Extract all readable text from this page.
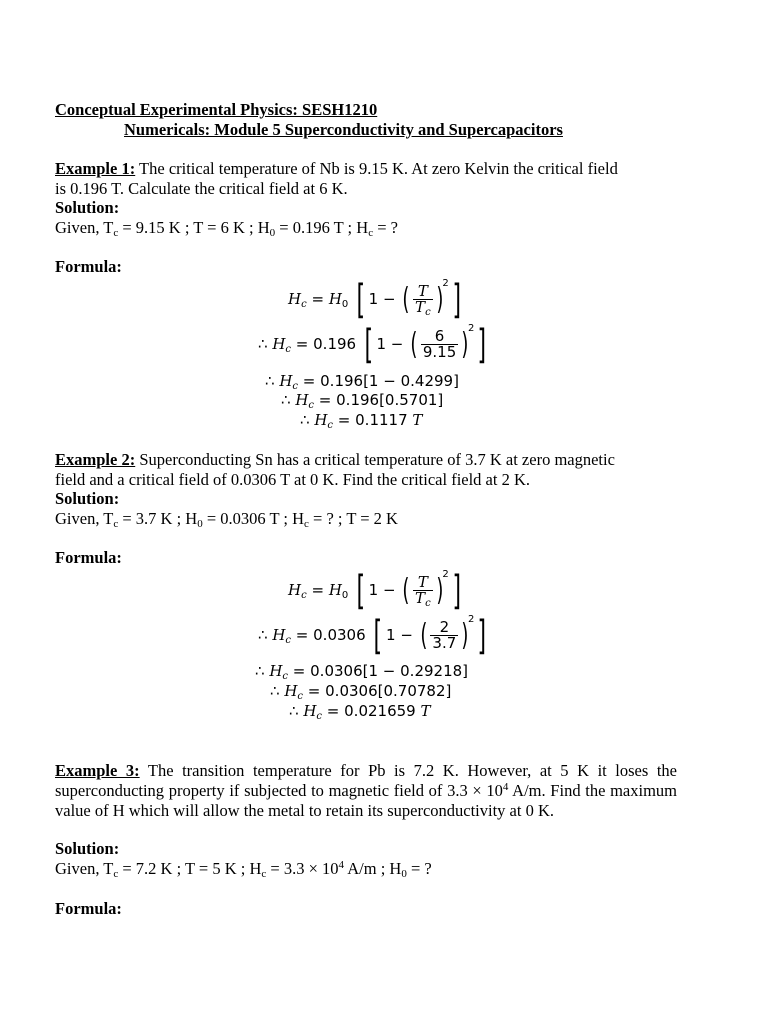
Conceptual Experimental Physics: SESH1210
Numericals: Module 5 Superconductivity and Supercapacitors
Example 1: The critical temperature of Nb is 9.15 K. At zero Kelvin the critical field
is 0.196 T. Calculate the critical field at 6 K.
Solution:
Given, $T_c = 9.15$ K ; T = 6 K ; $H_0 = 0.196$ T ; $H_c$ = ?
Formula:
$H_c = H_0$ [ 1 − ( $\frac{T}{T_c} )^2$]
∴ $H_c = 0.196$ [ 1 − ( $\frac{6}{9.15} )^2$]
∴ $H_c = 0.196[1 - 0.4299]$
∴ $H_c = 0.196[0.5701]$
∴ $H_c = 0.1117$ T
Example 2: Superconducting Sn has a critical temperature of 3.7 K at zero magnetic
field and a critical field of 0.0306 T at 0 K. Find the critical field at 2 K.
Solution:
Given, $T_c = 3.7$ K ; $H_0 = 0.0306$ T ; $H_c$ = ? ; T = 2 K
Formula:
$H_c = H_0$ [ 1 − ( $\frac{T}{T_c} )^2$]
∴ $H_c = 0.0306$ [ 1 − ( $\frac{2}{3.7} )^2$]
∴ $H_c = 0.0306[1 - 0.29218]$
∴ $H_c = 0.0306[0.70782]$
∴ $H_c = 0.021659$ T
Example 3: The transition temperature for Pb is 7.2 K. However, at 5 K it loses the superconducting property if subjected to magnetic field of $3.3 \times 10^4$ A/m. Find the maximum value of H which will allow the metal to retain its superconductivity at 0 K.
Solution:
Given, $T_c = 7.2$ K ; T = 5 K ; $H_c = 3.3 \times 10^4$ A/m ; $H_0$ = ?
Formula:
